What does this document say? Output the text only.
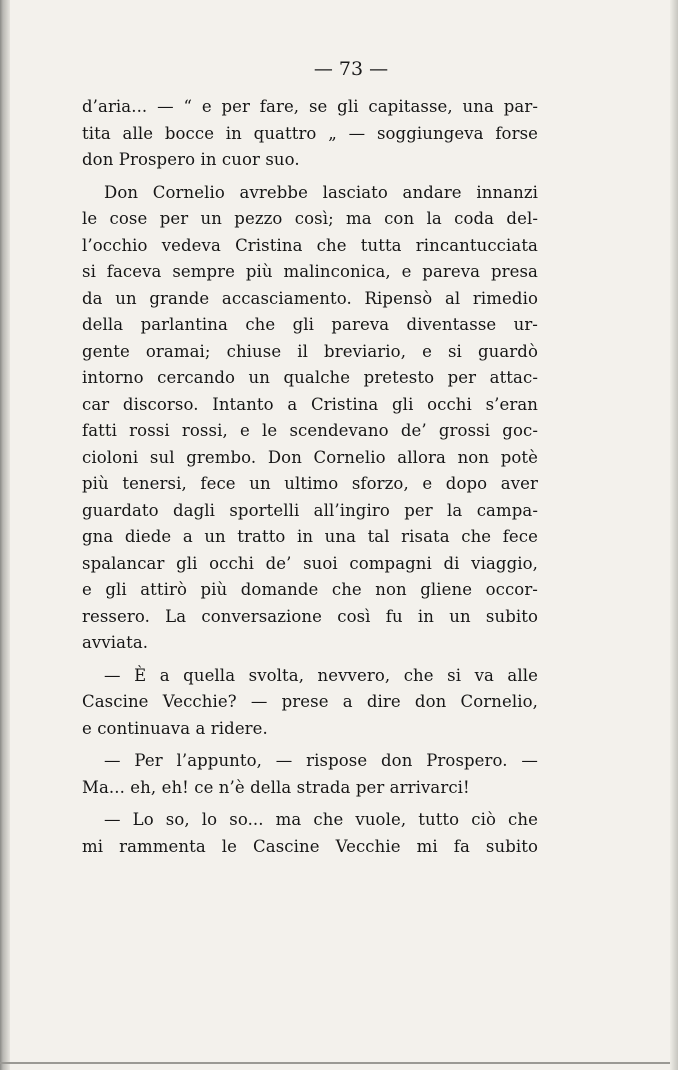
— 73 —
d’aria... — “ e per fare, se gli capitasse, una par-
tita alle bocce in quattro „ — soggiungeva forse
don Prospero in cuor suo.
Don Cornelio avrebbe lasciato andare innanzi
le cose per un pezzo così; ma con la coda del-
l’occhio vedeva Cristina che tutta rincantucciata
si faceva sempre più malinconica, e pareva presa
da un grande accasciamento. Ripensò al rimedio
della parlantina che gli pareva diventasse ur-
gente oramai; chiuse il breviario, e si guardò
intorno cercando un qualche pretesto per attac-
car discorso. Intanto a Cristina gli occhi s’eran
fatti rossi rossi, e le scendevano de’ grossi goc-
cioloni sul grembo. Don Cornelio allora non potè
più tenersi, fece un ultimo sforzo, e dopo aver
guardato dagli sportelli all’ingiro per la campa-
gna diede a un tratto in una tal risata che fece
spalancar gli occhi de’ suoi compagni di viaggio,
e gli attirò più domande che non gliene occor-
ressero. La conversazione così fu in un subito
avviata.
— È a quella svolta, nevvero, che si va alle
Cascine Vecchie? — prese a dire don Cornelio,
e continuava a ridere.
— Per l’appunto, — rispose don Prospero. —
Ma... eh, eh! ce n’è della strada per arrivarci!
— Lo so, lo so... ma che vuole, tutto ciò che
mi rammenta le Cascine Vecchie mi fa subito
